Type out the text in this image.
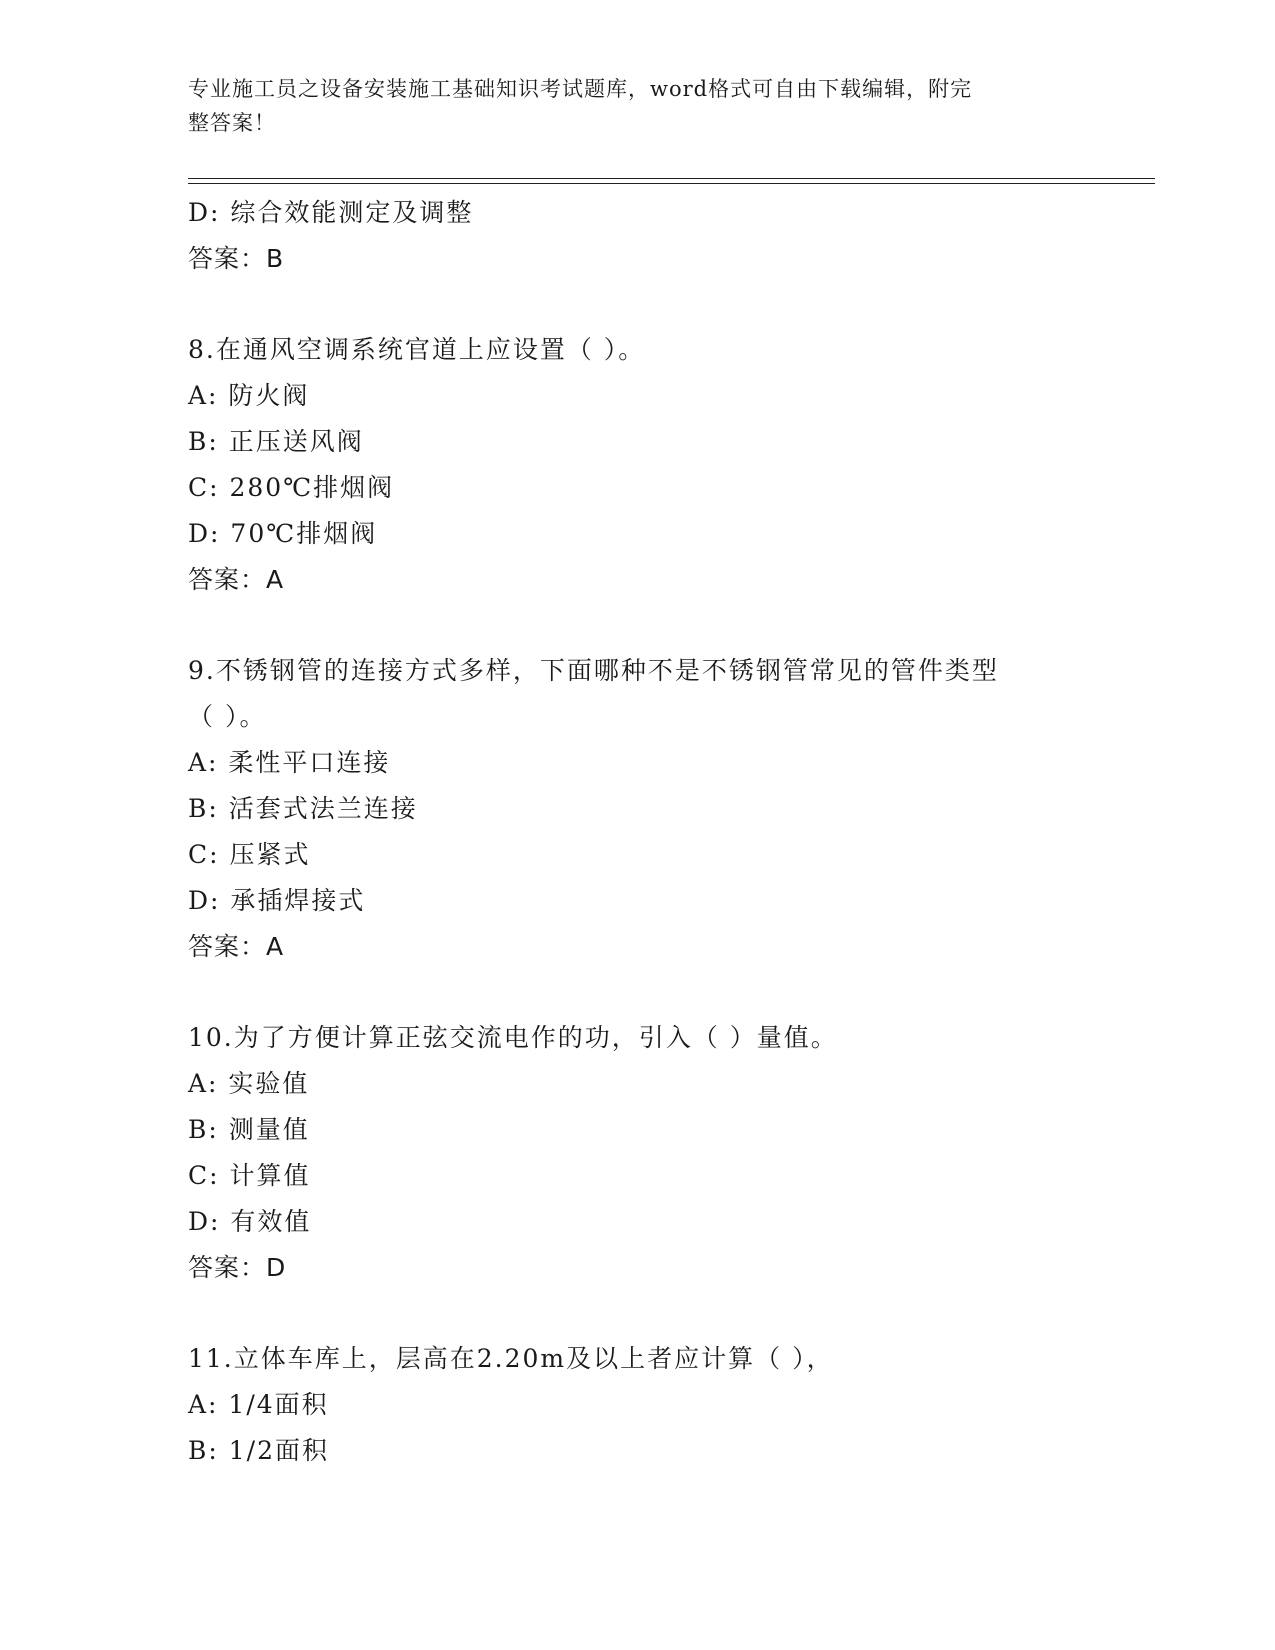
专业施工员之设备安装施工基础知识考试题库，word格式可自由下载编辑，附完
整答案！
D: 综合效能测定及调整
答案：B
8.在通风空调系统官道上应设置（ ）。
A: 防火阀
B: 正压送风阀
C: 280℃排烟阀
D: 70℃排烟阀
答案：A
9.不锈钢管的连接方式多样，下面哪种不是不锈钢管常见的管件类型
（ ）。
A: 柔性平口连接
B: 活套式法兰连接
C: 压紧式
D: 承插焊接式
答案：A
10.为了方便计算正弦交流电作的功，引入（ ）量值。
A: 实验值
B: 测量值
C: 计算值
D: 有效值
答案：D
11.立体车库上，层高在2.20m及以上者应计算（ ），
A: 1/4面积
B: 1/2面积
